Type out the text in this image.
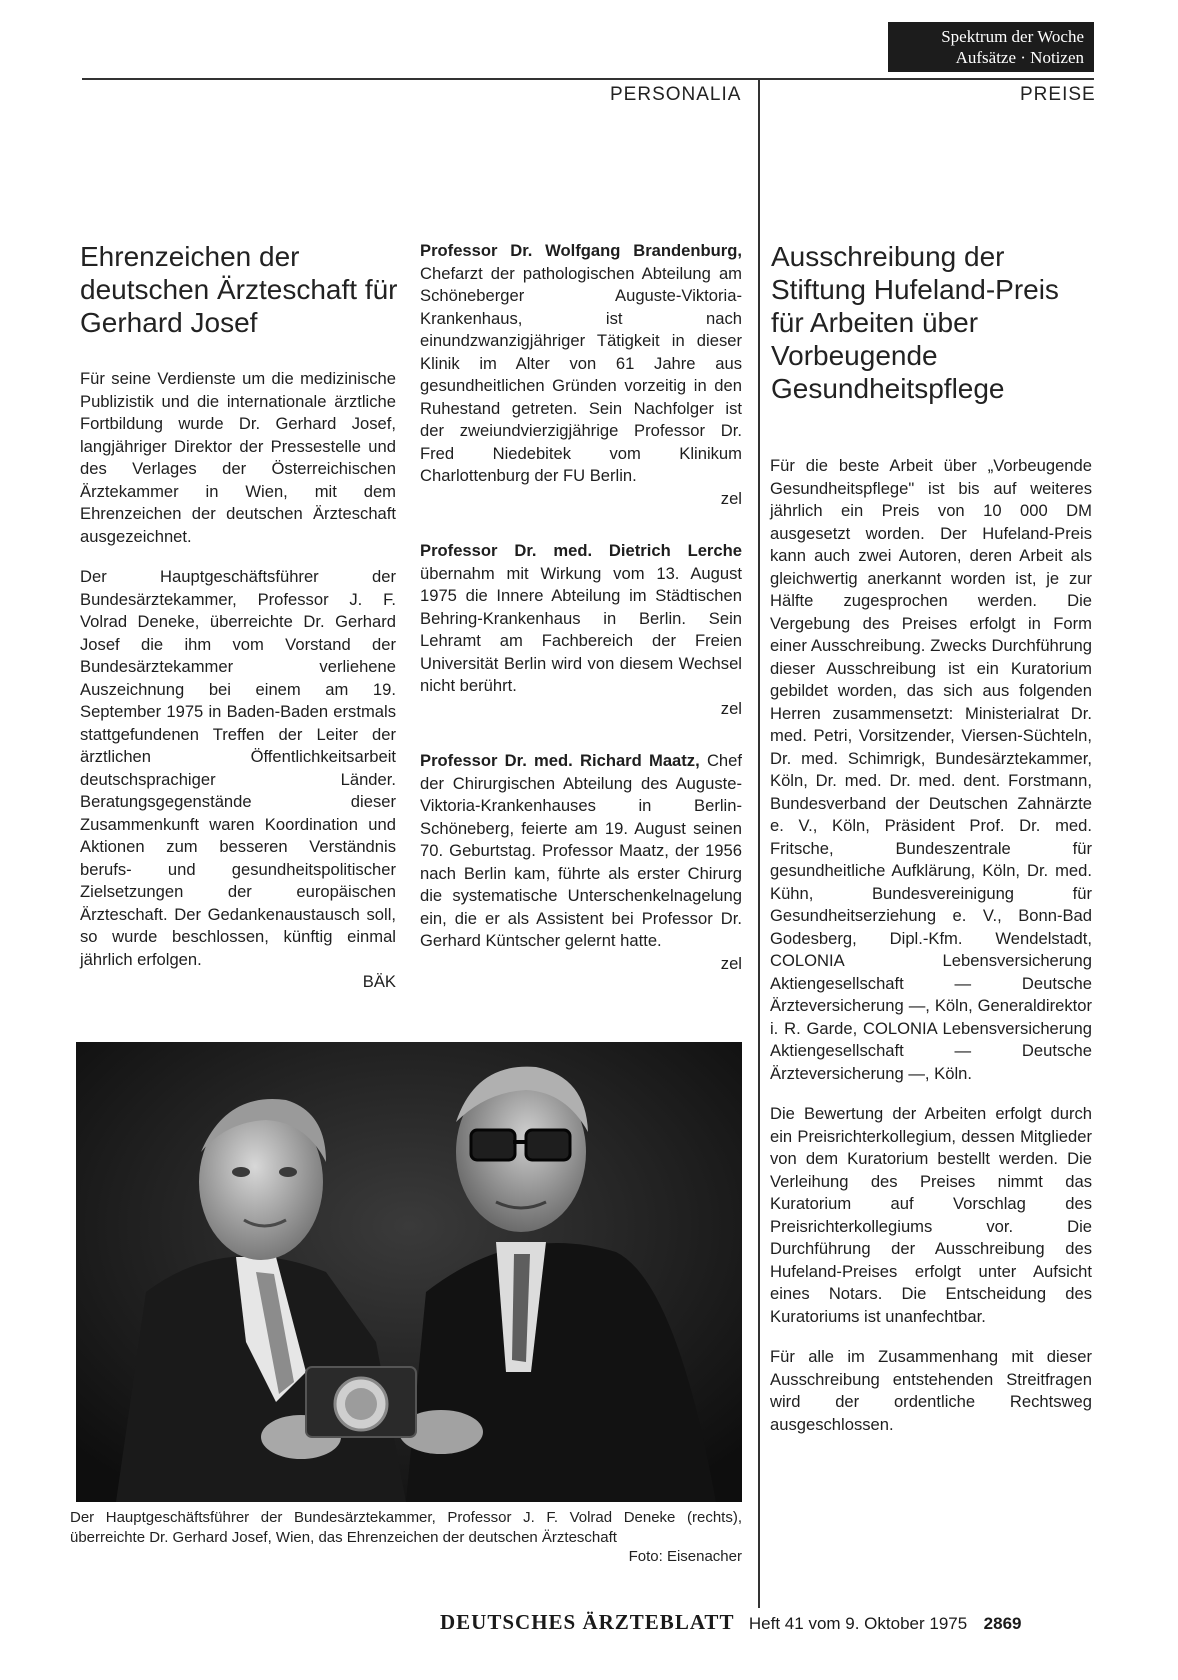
Spektrum der Woche
Aufsätze · Notizen
PERSONALIA	PREISE
Ehrenzeichen der deutschen Ärzteschaft für Gerhard Josef

Für seine Verdienste um die medizinische Publizistik und die internationale ärztliche Fortbildung wurde Dr. Gerhard Josef, langjähriger Direktor der Pressestelle und des Verlages der Österreichischen Ärztekammer in Wien, mit dem Ehrenzeichen der deutschen Ärzteschaft ausgezeichnet.

Der Hauptgeschäftsführer der Bundesärztekammer, Professor J. F. Volrad Deneke, überreichte Dr. Gerhard Josef die ihm vom Vorstand der Bundesärztekammer verliehene Auszeichnung bei einem am 19. September 1975 in Baden-Baden erstmals stattgefundenen Treffen der Leiter der ärztlichen Öffentlichkeitsarbeit deutschsprachiger Länder. Beratungsgegenstände dieser Zusammenkunft waren Koordination und Aktionen zum besseren Verständnis berufs- und gesundheitspolitischer Zielsetzungen der europäischen Ärzteschaft. Der Gedankenaustausch soll, so wurde beschlossen, künftig einmal jährlich erfolgen.
BÄK

Professor Dr. Wolfgang Brandenburg, Chefarzt der pathologischen Abteilung am Schöneberger Auguste-Viktoria-Krankenhaus, ist nach einundzwanzigjähriger Tätigkeit in dieser Klinik im Alter von 61 Jahre aus gesundheitlichen Gründen vorzeitig in den Ruhestand getreten. Sein Nachfolger ist der zweiundvierzigjährige Professor Dr. Fred Niedebitek vom Klinikum Charlottenburg der FU Berlin.
zel
Professor Dr. med. Dietrich Lerche übernahm mit Wirkung vom 13. August 1975 die Innere Abteilung im Städtischen Behring-Krankenhaus in Berlin. Sein Lehramt am Fachbereich der Freien Universität Berlin wird von diesem Wechsel nicht berührt.
zel
Professor Dr. med. Richard Maatz, Chef der Chirurgischen Abteilung des Auguste-Viktoria-Krankenhauses in Berlin-Schöneberg, feierte am 19. August seinen 70. Geburtstag. Professor Maatz, der 1956 nach Berlin kam, führte als erster Chirurg die systematische Unterschenkelnagelung ein, die er als Assistent bei Professor Dr. Gerhard Küntscher gelernt hatte.
zel
Ausschreibung der Stiftung Hufeland-Preis für Arbeiten über Vorbeugende Gesundheitspflege

Für die beste Arbeit über „Vorbeugende Gesundheitspflege" ist bis auf weiteres jährlich ein Preis von 10 000 DM ausgesetzt worden. Der Hufeland-Preis kann auch zwei Autoren, deren Arbeit als gleichwertig anerkannt worden ist, je zur Hälfte zugesprochen werden. Die Vergebung des Preises erfolgt in Form einer Ausschreibung. Zwecks Durchführung dieser Ausschreibung ist ein Kuratorium gebildet worden, das sich aus folgenden Herren zusammensetzt: Ministerialrat Dr. med. Petri, Vorsitzender, Viersen-Süchteln, Dr. med. Schimrigk, Bundesärztekammer, Köln, Dr. med. Dr. med. dent. Forstmann, Bundesverband der Deutschen Zahnärzte e. V., Köln, Präsident Prof. Dr. med. Fritsche, Bundeszentrale für gesundheitliche Aufklärung, Köln, Dr. med. Kühn, Bundesvereinigung für Gesundheitserziehung e. V., Bonn-Bad Godesberg, Dipl.-Kfm. Wendelstadt, COLONIA Lebensversicherung Aktiengesellschaft — Deutsche Ärzteversicherung —, Köln, Generaldirektor i. R. Garde, COLONIA Lebensversicherung Aktiengesellschaft — Deutsche Ärzteversicherung —, Köln.

Die Bewertung der Arbeiten erfolgt durch ein Preisrichterkollegium, dessen Mitglieder von dem Kuratorium bestellt werden. Die Verleihung des Preises nimmt das Kuratorium auf Vorschlag des Preisrichterkollegiums vor. Die Durchführung der Ausschreibung des Hufeland-Preises erfolgt unter Aufsicht eines Notars. Die Entscheidung des Kuratoriums ist unanfechtbar.

Für alle im Zusammenhang mit dieser Ausschreibung entstehenden Streitfragen wird der ordentliche Rechtsweg ausgeschlossen.

Der Hauptgeschäftsführer der Bundesärztekammer, Professor J. F. Volrad Deneke (rechts), überreichte Dr. Gerhard Josef, Wien, das Ehrenzeichen der deutschen Ärzteschaft
Foto: Eisenacher
DEUTSCHES ÄRZTEBLATT Heft 41 vom 9. Oktober 1975 2869
